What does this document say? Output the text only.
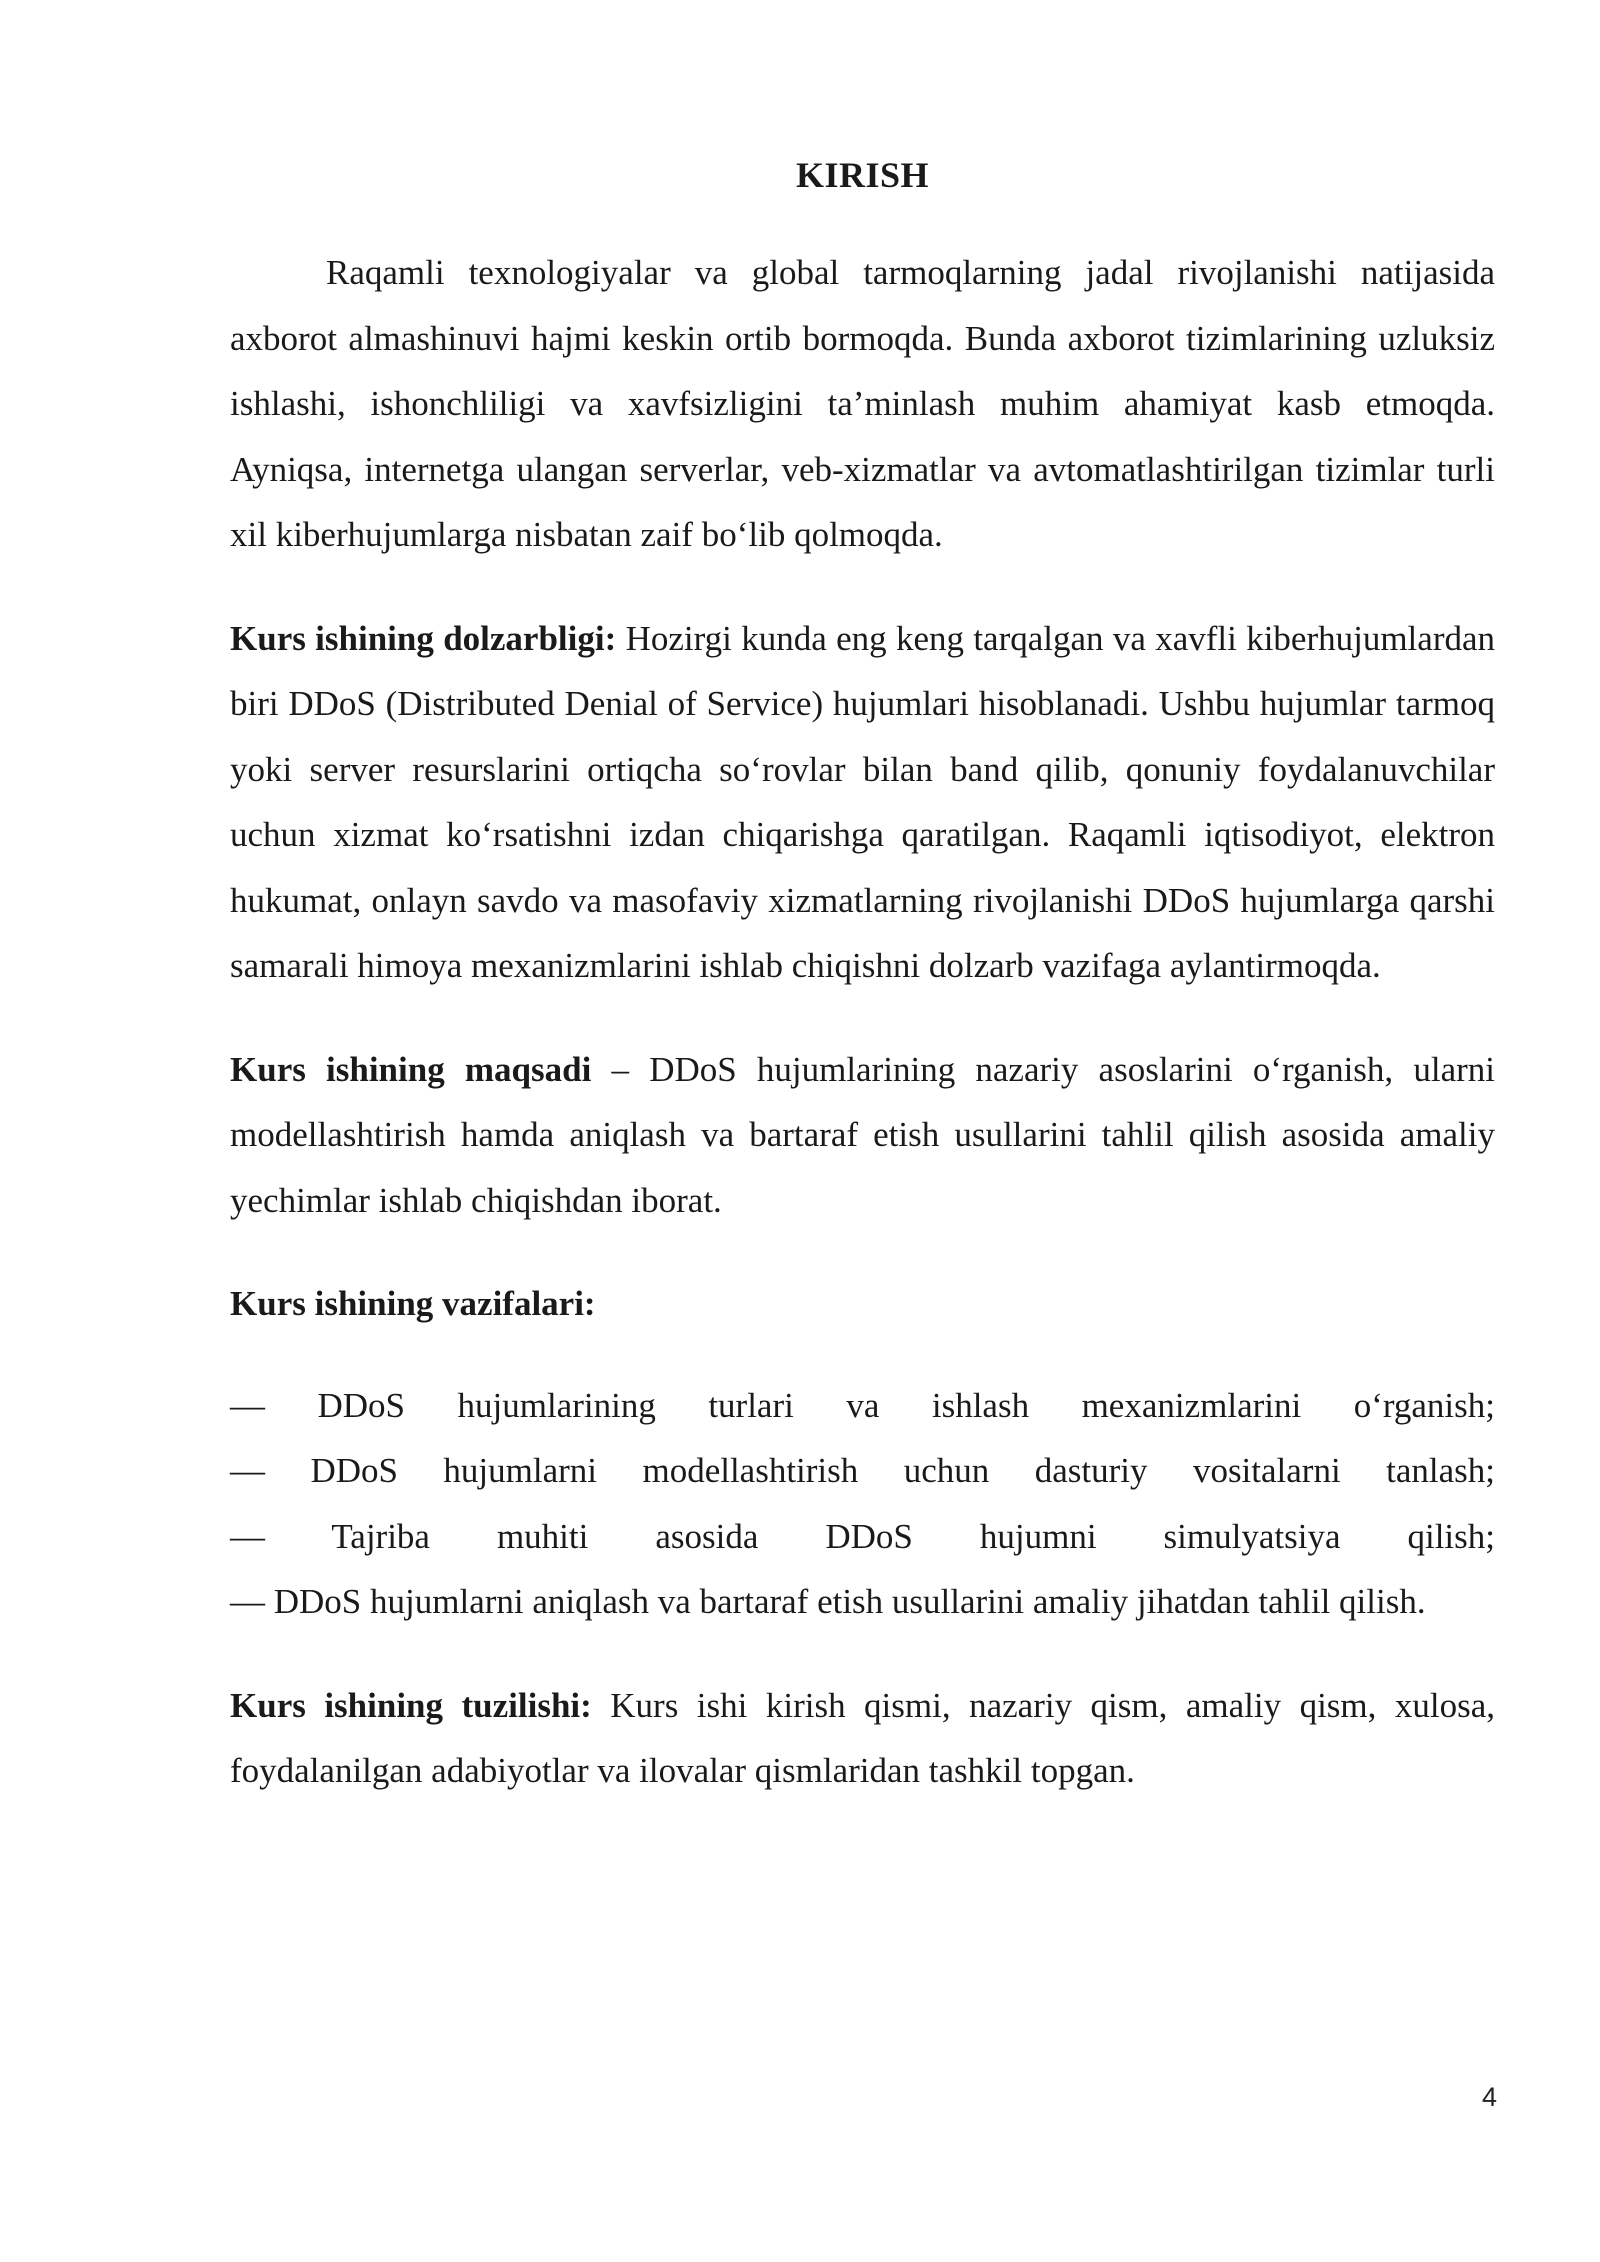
KIRISH

Raqamli texnologiyalar va global tarmoqlarning jadal rivojlanishi natijasida axborot almashinuvi hajmi keskin ortib bormoqda. Bunda axborot tizimlarining uzluksiz ishlashi, ishonchliligi va xavfsizligini ta’minlash muhim ahamiyat kasb etmoqda. Ayniqsa, internetga ulangan serverlar, veb-xizmatlar va avtomatlashtirilgan tizimlar turli xil kiberhujumlarga nisbatan zaif bo‘lib qolmoqda.

Kurs ishining dolzarbligi: Hozirgi kunda eng keng tarqalgan va xavfli kiberhujumlardan biri DDoS (Distributed Denial of Service) hujumlari hisoblanadi. Ushbu hujumlar tarmoq yoki server resurslarini ortiqcha so‘rovlar bilan band qilib, qonuniy foydalanuvchilar uchun xizmat ko‘rsatishni izdan chiqarishga qaratilgan. Raqamli iqtisodiyot, elektron hukumat, onlayn savdo va masofaviy xizmatlarning rivojlanishi DDoS hujumlarga qarshi samarali himoya mexanizmlarini ishlab chiqishni dolzarb vazifaga aylantirmoqda.

Kurs ishining maqsadi – DDoS hujumlarining nazariy asoslarini o‘rganish, ularni modellashtirish hamda aniqlash va bartaraf etish usullarini tahlil qilish asosida amaliy yechimlar ishlab chiqishdan iborat.

Kurs ishining vazifalari:

— DDoS hujumlarining turlari va ishlash mexanizmlarini o‘rganish;
— DDoS hujumlarni modellashtirish uchun dasturiy vositalarni tanlash;
— Tajriba muhiti asosida DDoS hujumni simulyatsiya qilish;
— DDoS hujumlarni aniqlash va bartaraf etish usullarini amaliy jihatdan tahlil qilish.

Kurs ishining tuzilishi: Kurs ishi kirish qismi, nazariy qism, amaliy qism, xulosa, foydalanilgan adabiyotlar va ilovalar qismlaridan tashkil topgan.

4
